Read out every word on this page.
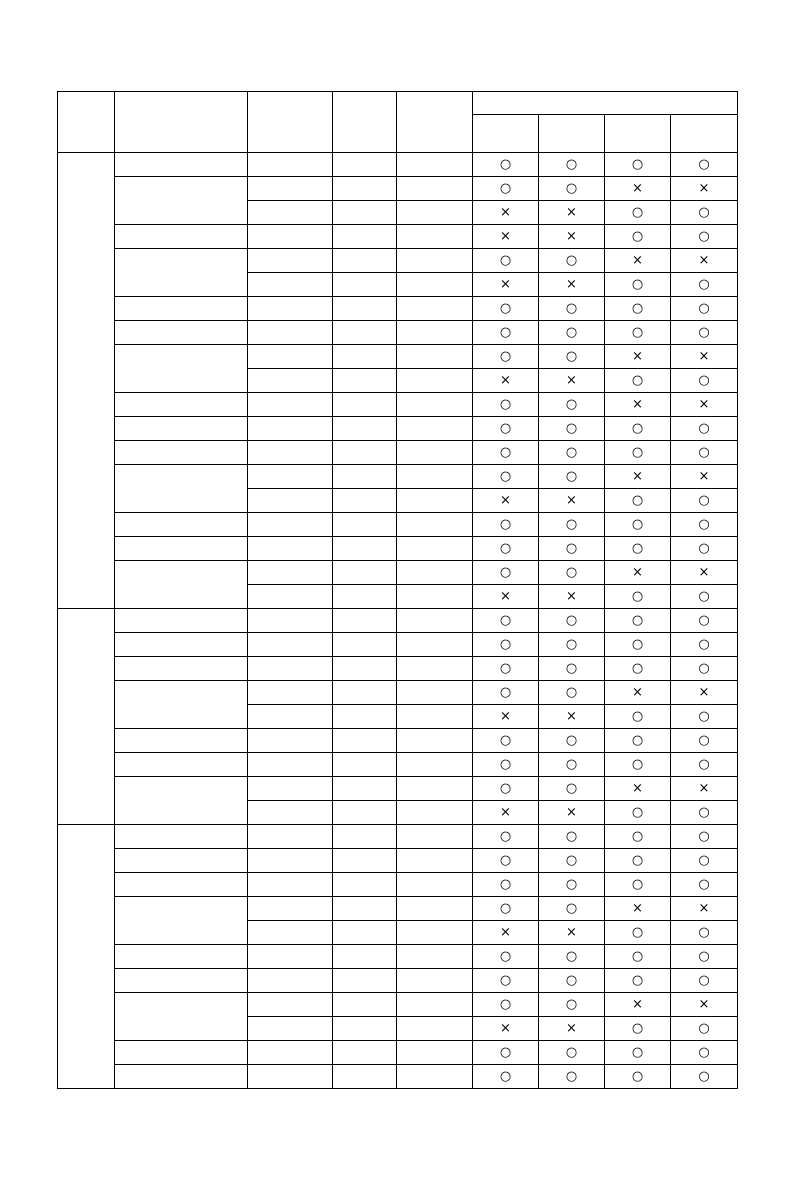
					○	○	○	○
					○	○	×	×
					×	×	○	○
					×	×	○	○
					○	○	×	×
					×	×	○	○
					○	○	○	○
					○	○	○	○
					○	○	×	×
					×	×	○	○
					○	○	×	×
					○	○	○	○
					○	○	○	○
					○	○	×	×
					×	×	○	○
					○	○	○	○
					○	○	○	○
					○	○	×	×
					×	×	○	○
					○	○	○	○
					○	○	○	○
					○	○	○	○
					○	○	×	×
					×	×	○	○
					○	○	○	○
					○	○	○	○
					○	○	×	×
					×	×	○	○
					○	○	○	○
					○	○	○	○
					○	○	○	○
					○	○	×	×
					×	×	○	○
					○	○	○	○
					○	○	○	○
					○	○	×	×
					×	×	○	○
					○	○	○	○
					○	○	○	○
